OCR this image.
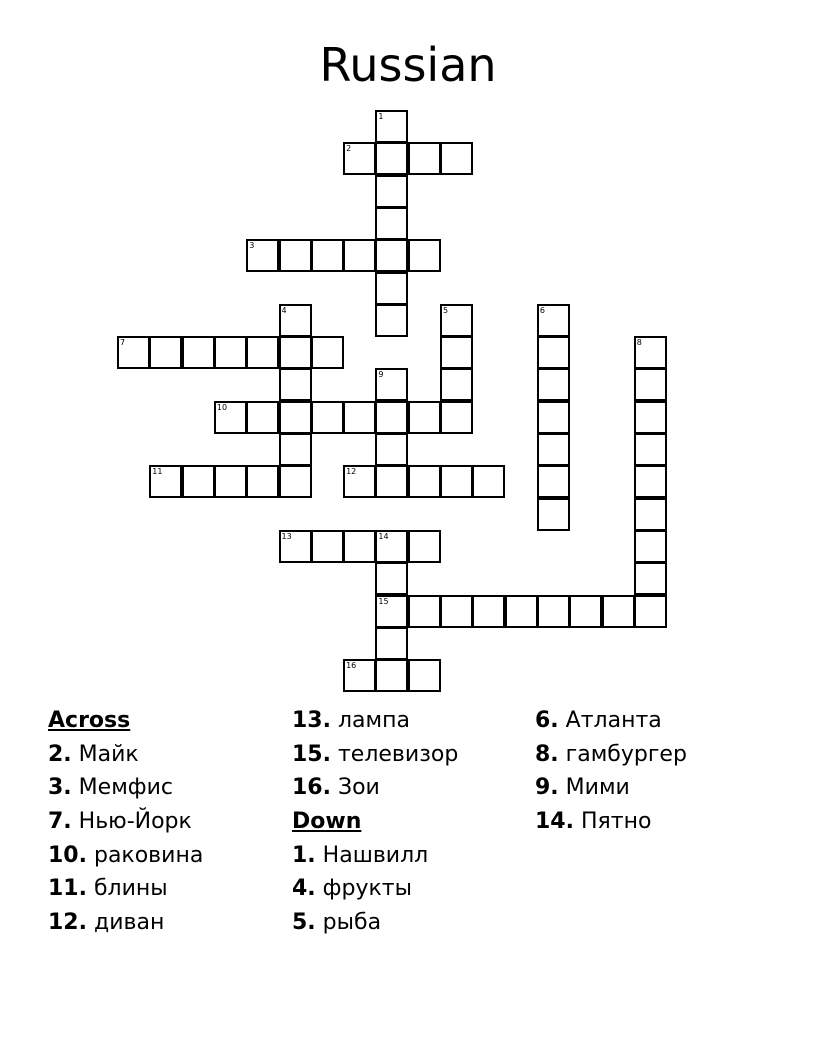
Russian
1
2
3
4	5	6
7	8
9
10
11	12
13	14
15
16
Across
2. Майк
3. Мемфис
7. Нью-Йорк
10. раковина
11. блины
12. диван
13. лампа
15. телевизор
16. Зои
Down
1. Нашвилл
4. фрукты
5. рыба
6. Атланта
8. гамбургер
9. Мими
14. Пятно
